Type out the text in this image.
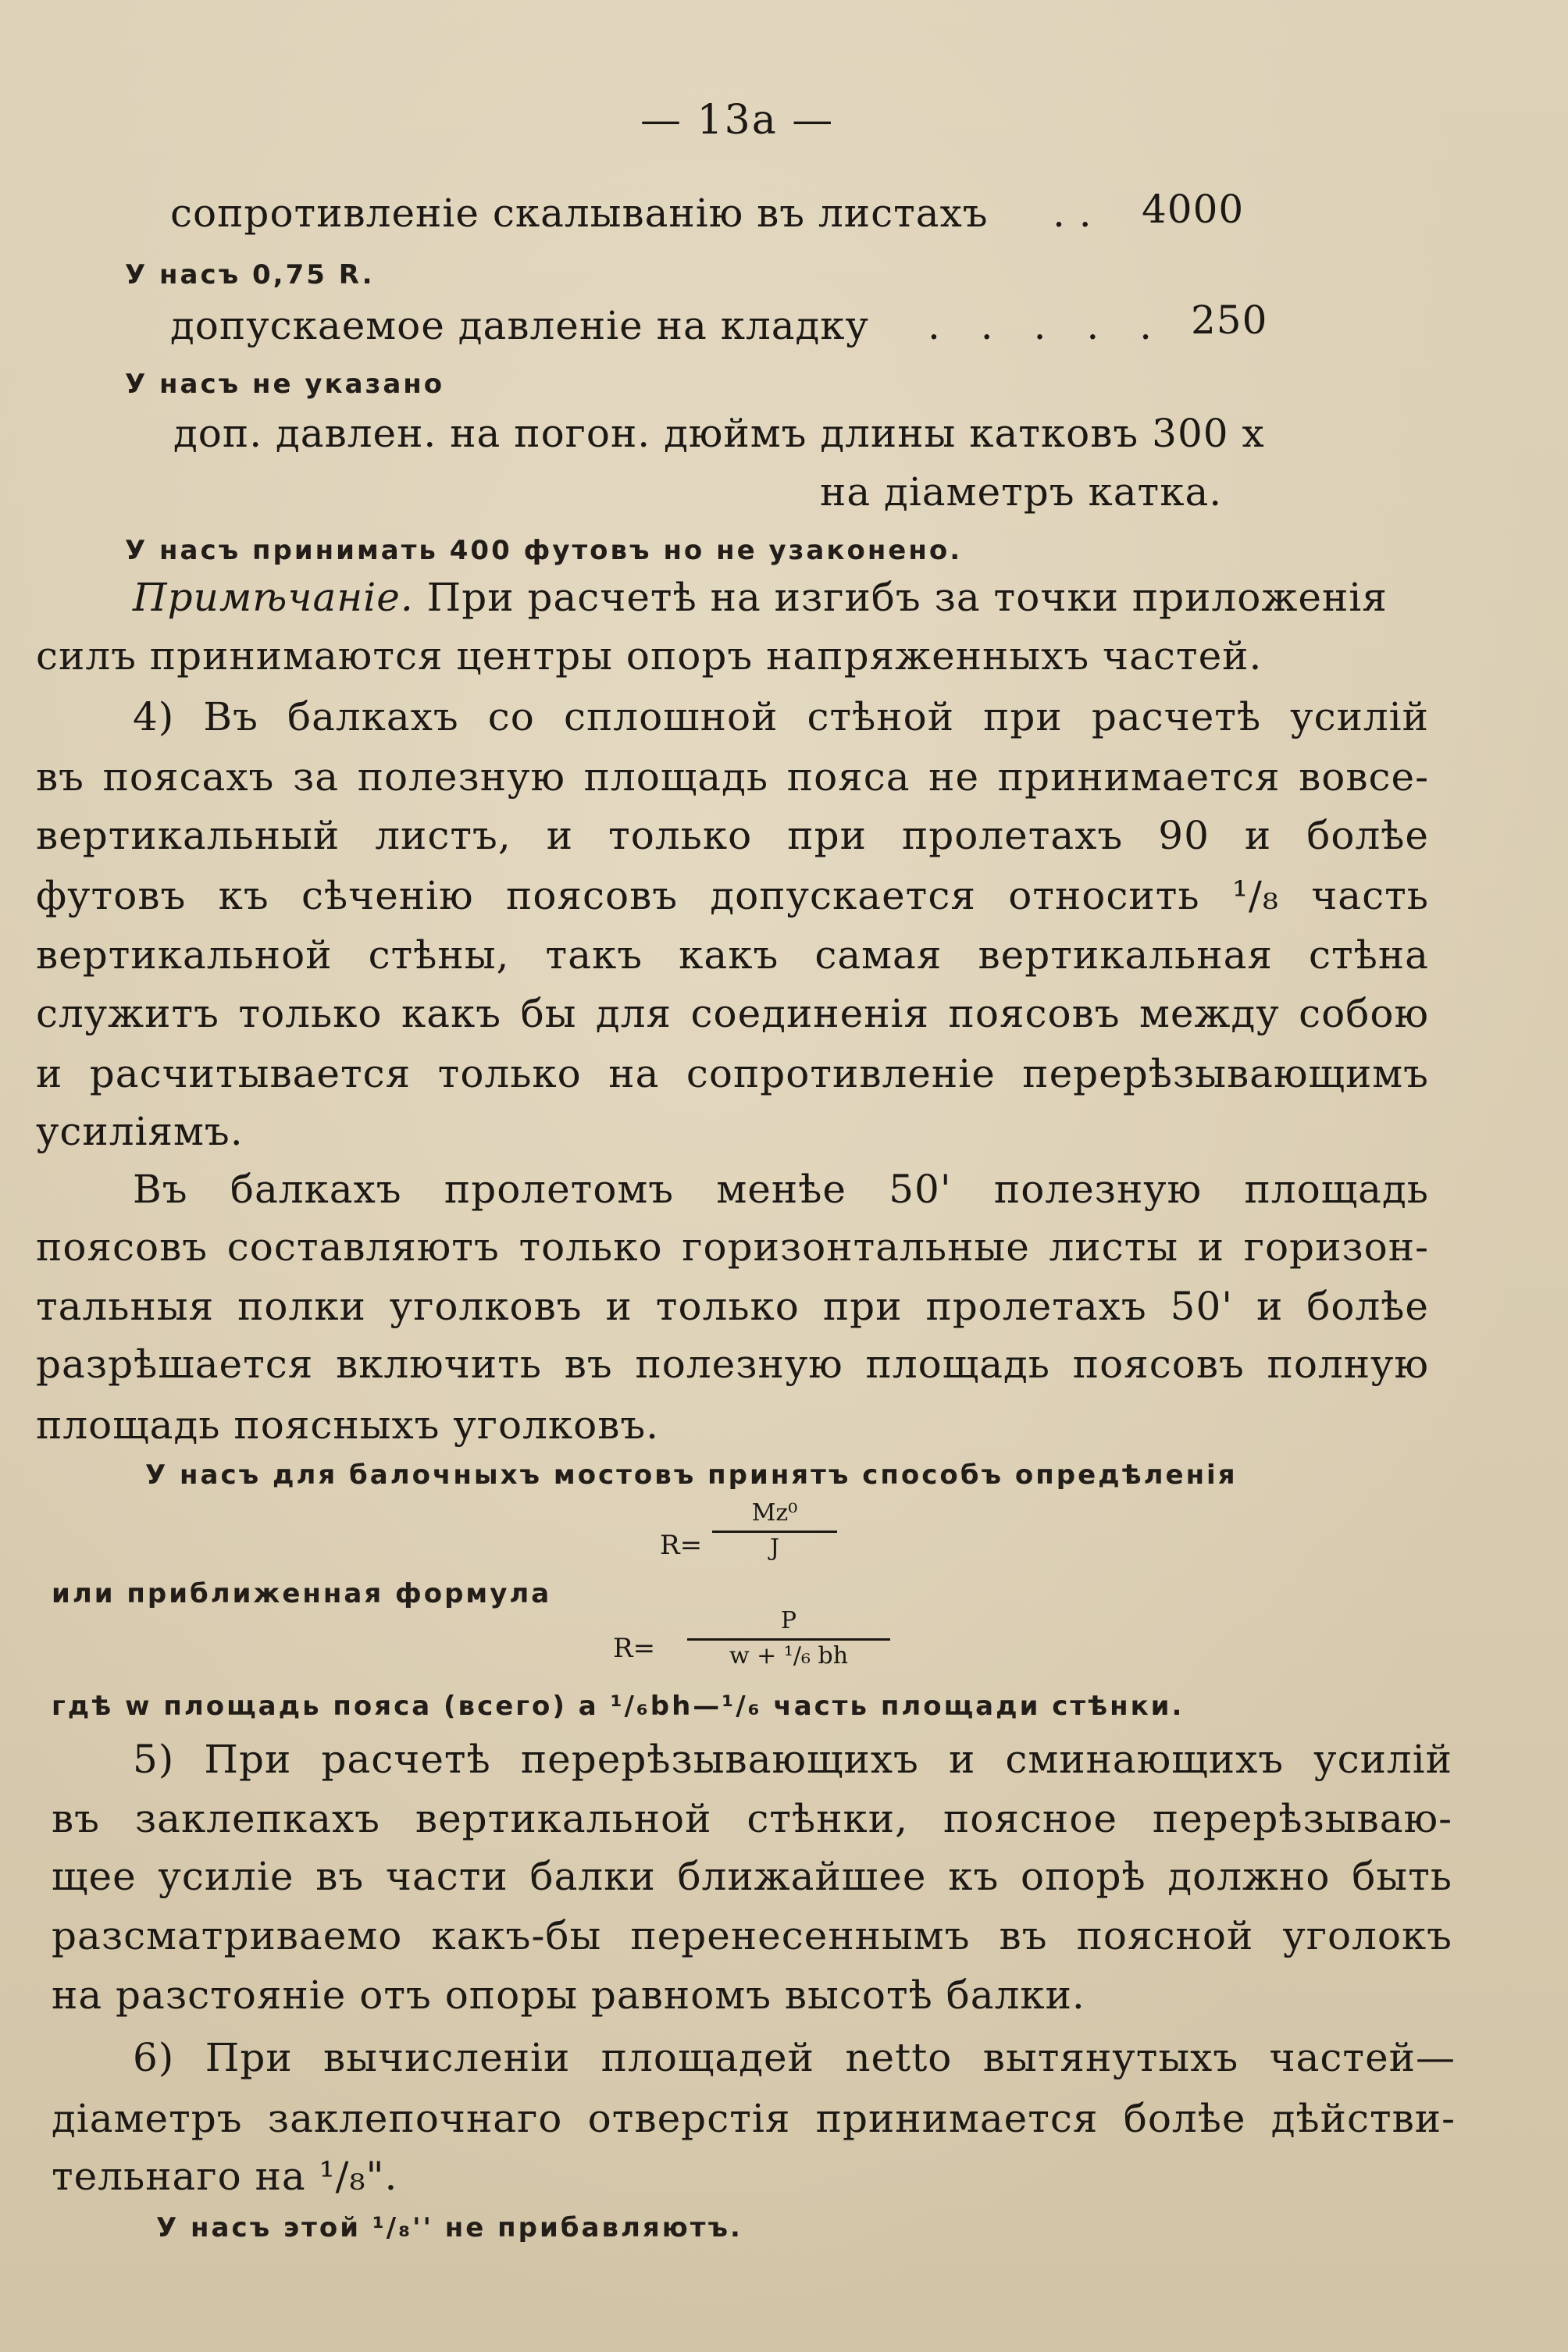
— 13а —
сопротивленіе скалыванію въ листахъ . . 4000
У насъ 0,75 R.
допускаемое давленіе на кладку . . . . . 250
У насъ не указано
доп. давлен. на погон. дюймъ длины катковъ 300 х
на діаметръ катка.
У насъ принимать 400 футовъ но не узаконено.
Примѣчаніе. При расчетѣ на изгибъ за точки приложенія
силъ принимаются центры опоръ напряженныхъ частей.
4) Въ балкахъ со сплошной стѣной при расчетѣ усилій
въ поясахъ за полезную площадь пояса не принимается вовсе-
вертикальный листъ, и только при пролетахъ 90 и болѣе
футовъ къ сѣченію поясовъ допускается относить ¹/₈ часть
вертикальной стѣны, такъ какъ самая вертикальная стѣна
служитъ только какъ бы для соединенія поясовъ между собою
и расчитывается только на сопротивленіе перерѣзывающимъ
усиліямъ.
Въ балкахъ пролетомъ менѣе 50' полезную площадь
поясовъ составляютъ только горизонтальные листы и горизон-
тальныя полки уголковъ и только при пролетахъ 50' и болѣе
разрѣшается включить въ полезную площадь поясовъ полную
площадь поясныхъ уголковъ.
У насъ для балочныхъ мостовъ принятъ способъ опредѣленія
R=
Mz⁰
J
или приближенная формула
R=
P
w + ¹/₆ bh
гдѣ w площадь пояса (всего) а ¹/₆bh—¹/₆ часть площади стѣнки.
5) При расчетѣ перерѣзывающихъ и сминающихъ усилій
въ заклепкахъ вертикальной стѣнки, поясное перерѣзываю-
щее усиліе въ части балки ближайшее къ опорѣ должно быть
разсматриваемо какъ-бы перенесеннымъ въ поясной уголокъ
на разстояніе отъ опоры равномъ высотѣ балки.
6) При вычисленіи площадей netto вытянутыхъ частей—
діаметръ заклепочнаго отверстія принимается болѣе дѣйстви-
тельнаго на ¹/₈".
У насъ этой ¹/₈'' не прибавляютъ.
